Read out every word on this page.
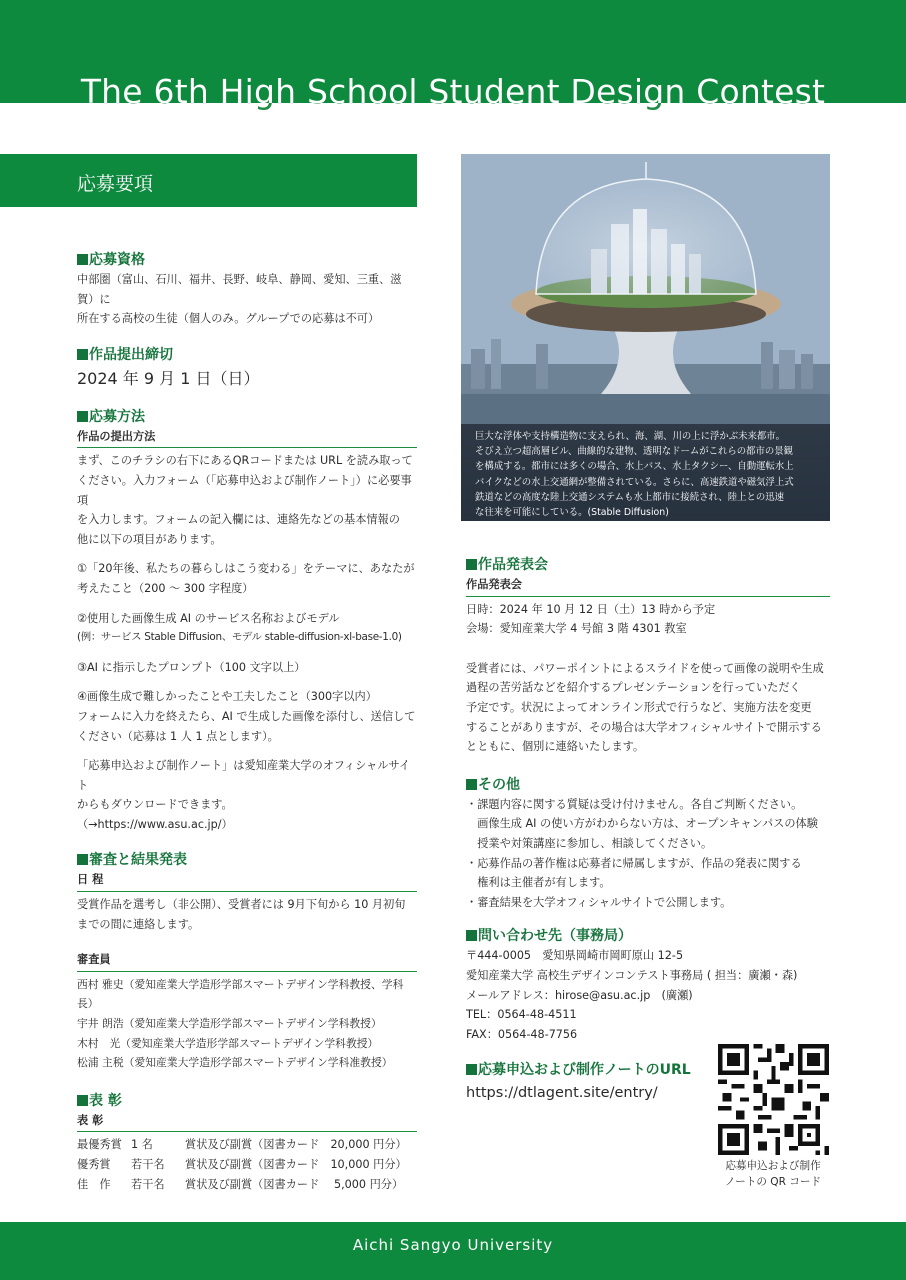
The 6th High School Student Design Contest
応募要項
応募資格
中部圏（富山、石川、福井、長野、岐阜、静岡、愛知、三重、滋賀）に
所在する高校の生徒（個人のみ。グループでの応募は不可）
作品提出締切
2024 年 9 月 1 日（日）
応募方法
作品の提出方法
まず、このチラシの右下にあるQRコードまたは URL を読み取って
ください。入力フォーム（「応募申込および制作ノート」）に必要事項
を入力します。フォームの記入欄には、連絡先などの基本情報の
他に以下の項目があります。
①「20年後、私たちの暮らしはこう変わる」をテーマに、あなたが
考えたこと（200 ～ 300 字程度）
②使用した画像生成 AI のサービス名称およびモデル
(例：サービス Stable Diffusion、モデル stable-diffusion-xl-base-1.0)
③AI に指示したプロンプト（100 文字以上）
④画像生成で難しかったことや工夫したこと（300字以内）
フォームに入力を終えたら、AI で生成した画像を添付し、送信して
ください（応募は 1 人 1 点とします）。
「応募申込および制作ノート」は愛知産業大学のオフィシャルサイト
からもダウンロードできます。
（→https://www.asu.ac.jp/）
審査と結果発表
日 程
受賞作品を選考し（非公開）、受賞者には 9月下旬から 10 月初旬
までの間に連絡します。
審査員
西村 雅史（愛知産業大学造形学部スマートデザイン学科教授、学科長）
宇井 朗浩（愛知産業大学造形学部スマートデザイン学科教授）
木村　光（愛知産業大学造形学部スマートデザイン学科教授）
松浦 主税（愛知産業大学造形学部スマートデザイン学科准教授）
表 彰
表 彰
最優秀賞 1 名	賞状及び副賞（図書カード　20,000 円分）
優秀賞	若干名	賞状及び副賞（図書カード　10,000 円分）
佳　作	若干名	賞状及び副賞（図書カード　 5,000 円分）
巨大な浮体や支持構造物に支えられ、海、湖、川の上に浮かぶ未来都市。
そびえ立つ超高層ビル、曲線的な建物、透明なドームがこれらの都市の景観
を構成する。都市には多くの場合、水上バス、水上タクシー、自動運転水上
バイクなどの水上交通網が整備されている。さらに、高速鉄道や磁気浮上式
鉄道などの高度な陸上交通システムも水上都市に接続され、陸上との迅速
な往来を可能にしている。(Stable Diffusion)
作品発表会
作品発表会
日時：2024 年 10 月 12 日（土）13 時から予定
会場：愛知産業大学 4 号館 3 階 4301 教室
受賞者には、パワーポイントによるスライドを使って画像の説明や生成
過程の苦労話などを紹介するプレゼンテーションを行っていただく
予定です。状況によってオンライン形式で行うなど、実施方法を変更
することがありますが、その場合は大学オフィシャルサイトで開示する
とともに、個別に連絡いたします。
その他
・課題内容に関する質疑は受け付けません。各自ご判断ください。
　画像生成 AI の使い方がわからない方は、オープンキャンパスの体験
　授業や対策講座に参加し、相談してください。
・応募作品の著作権は応募者に帰属しますが、作品の発表に関する
　権利は主催者が有します。
・審査結果を大学オフィシャルサイトで公開します。
問い合わせ先（事務局）
〒444-0005　愛知県岡崎市岡町原山 12-5
愛知産業大学 高校生デザインコンテスト事務局 ( 担当：廣瀬・森)
メールアドレス：hirose@asu.ac.jp　(廣瀬)
TEL：0564-48-4511
FAX：0564-48-7756
応募申込および制作ノートのURL
https://dtlagent.site/entry/
応募申込および制作
ノートの QR コード
Aichi Sangyo University
